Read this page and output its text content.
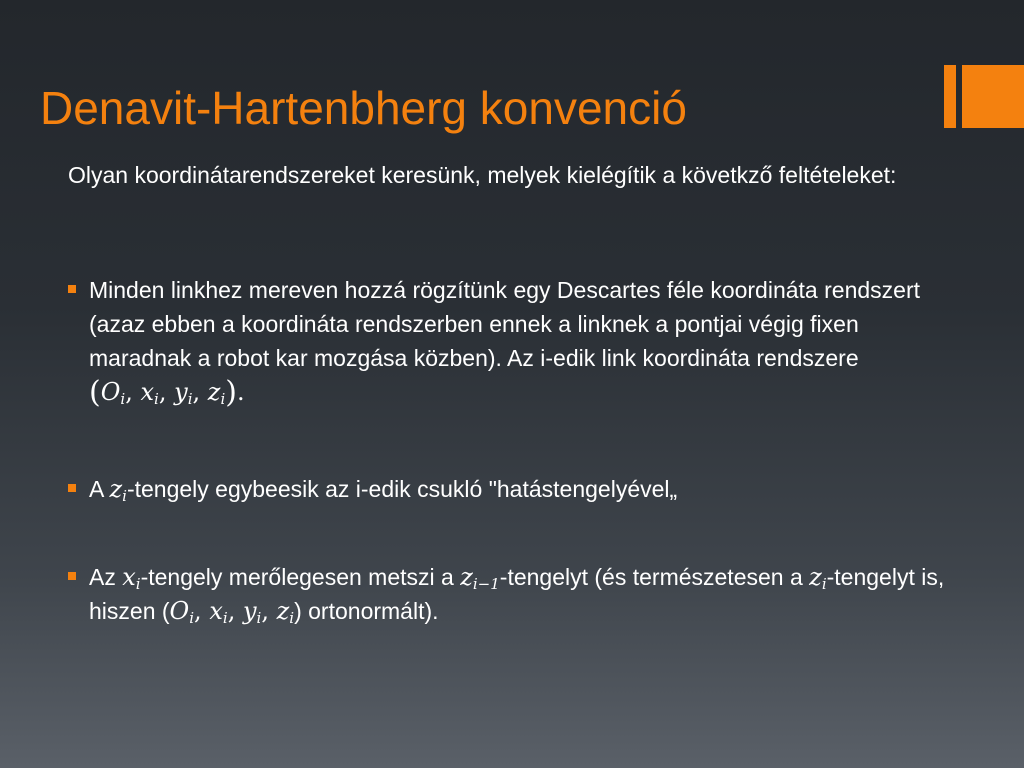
Denavit-Hartenbherg konvenció

Olyan koordinátarendszereket keresünk, melyek kielégítik a követkző feltételeket:

Minden linkhez mereven hozzá rögzítünk egy Descartes féle koordináta rendszert (azaz ebben a koordináta rendszerben ennek a linknek a pontjai végig fixen maradnak a robot kar mozgása közben). Az i-edik link koordináta rendszere ($O_i$, $x_i$, $y_i$, $z_i$).
A $z_i$-tengely egybeesik az i-edik csukló "hatástengelyével„
Az $x_i$-tengely merőlegesen metszi a $z_{i-1}$-tengelyt (és természetesen a $z_i$-tengelyt is, hiszen ($O_i$, $x_i$, $y_i$, $z_i$) ortonormált).
